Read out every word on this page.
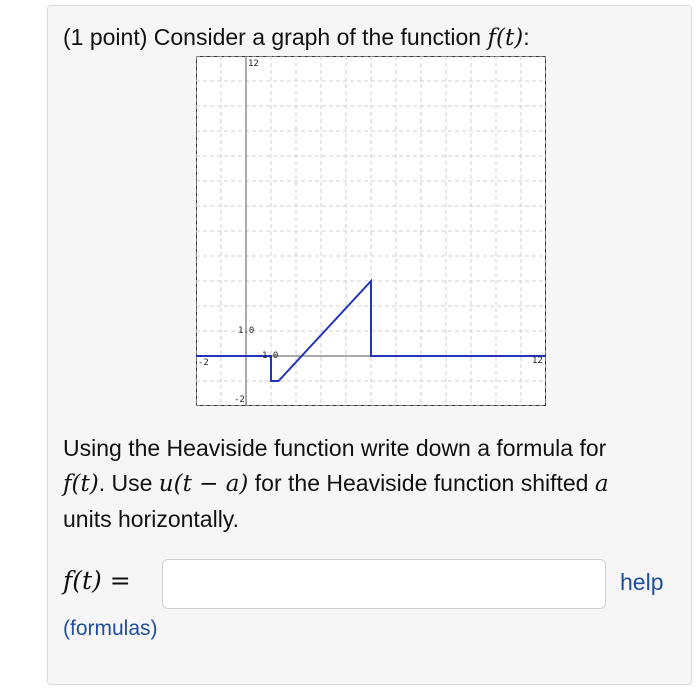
(1 point) Consider a graph of the function f(t):
12
1.0
-2
-2	12
1.0
Using the Heaviside function write down a formula for
f(t). Use u(t − a) for the Heaviside function shifted a
units horizontally.
f(t) =	help
(formulas)
